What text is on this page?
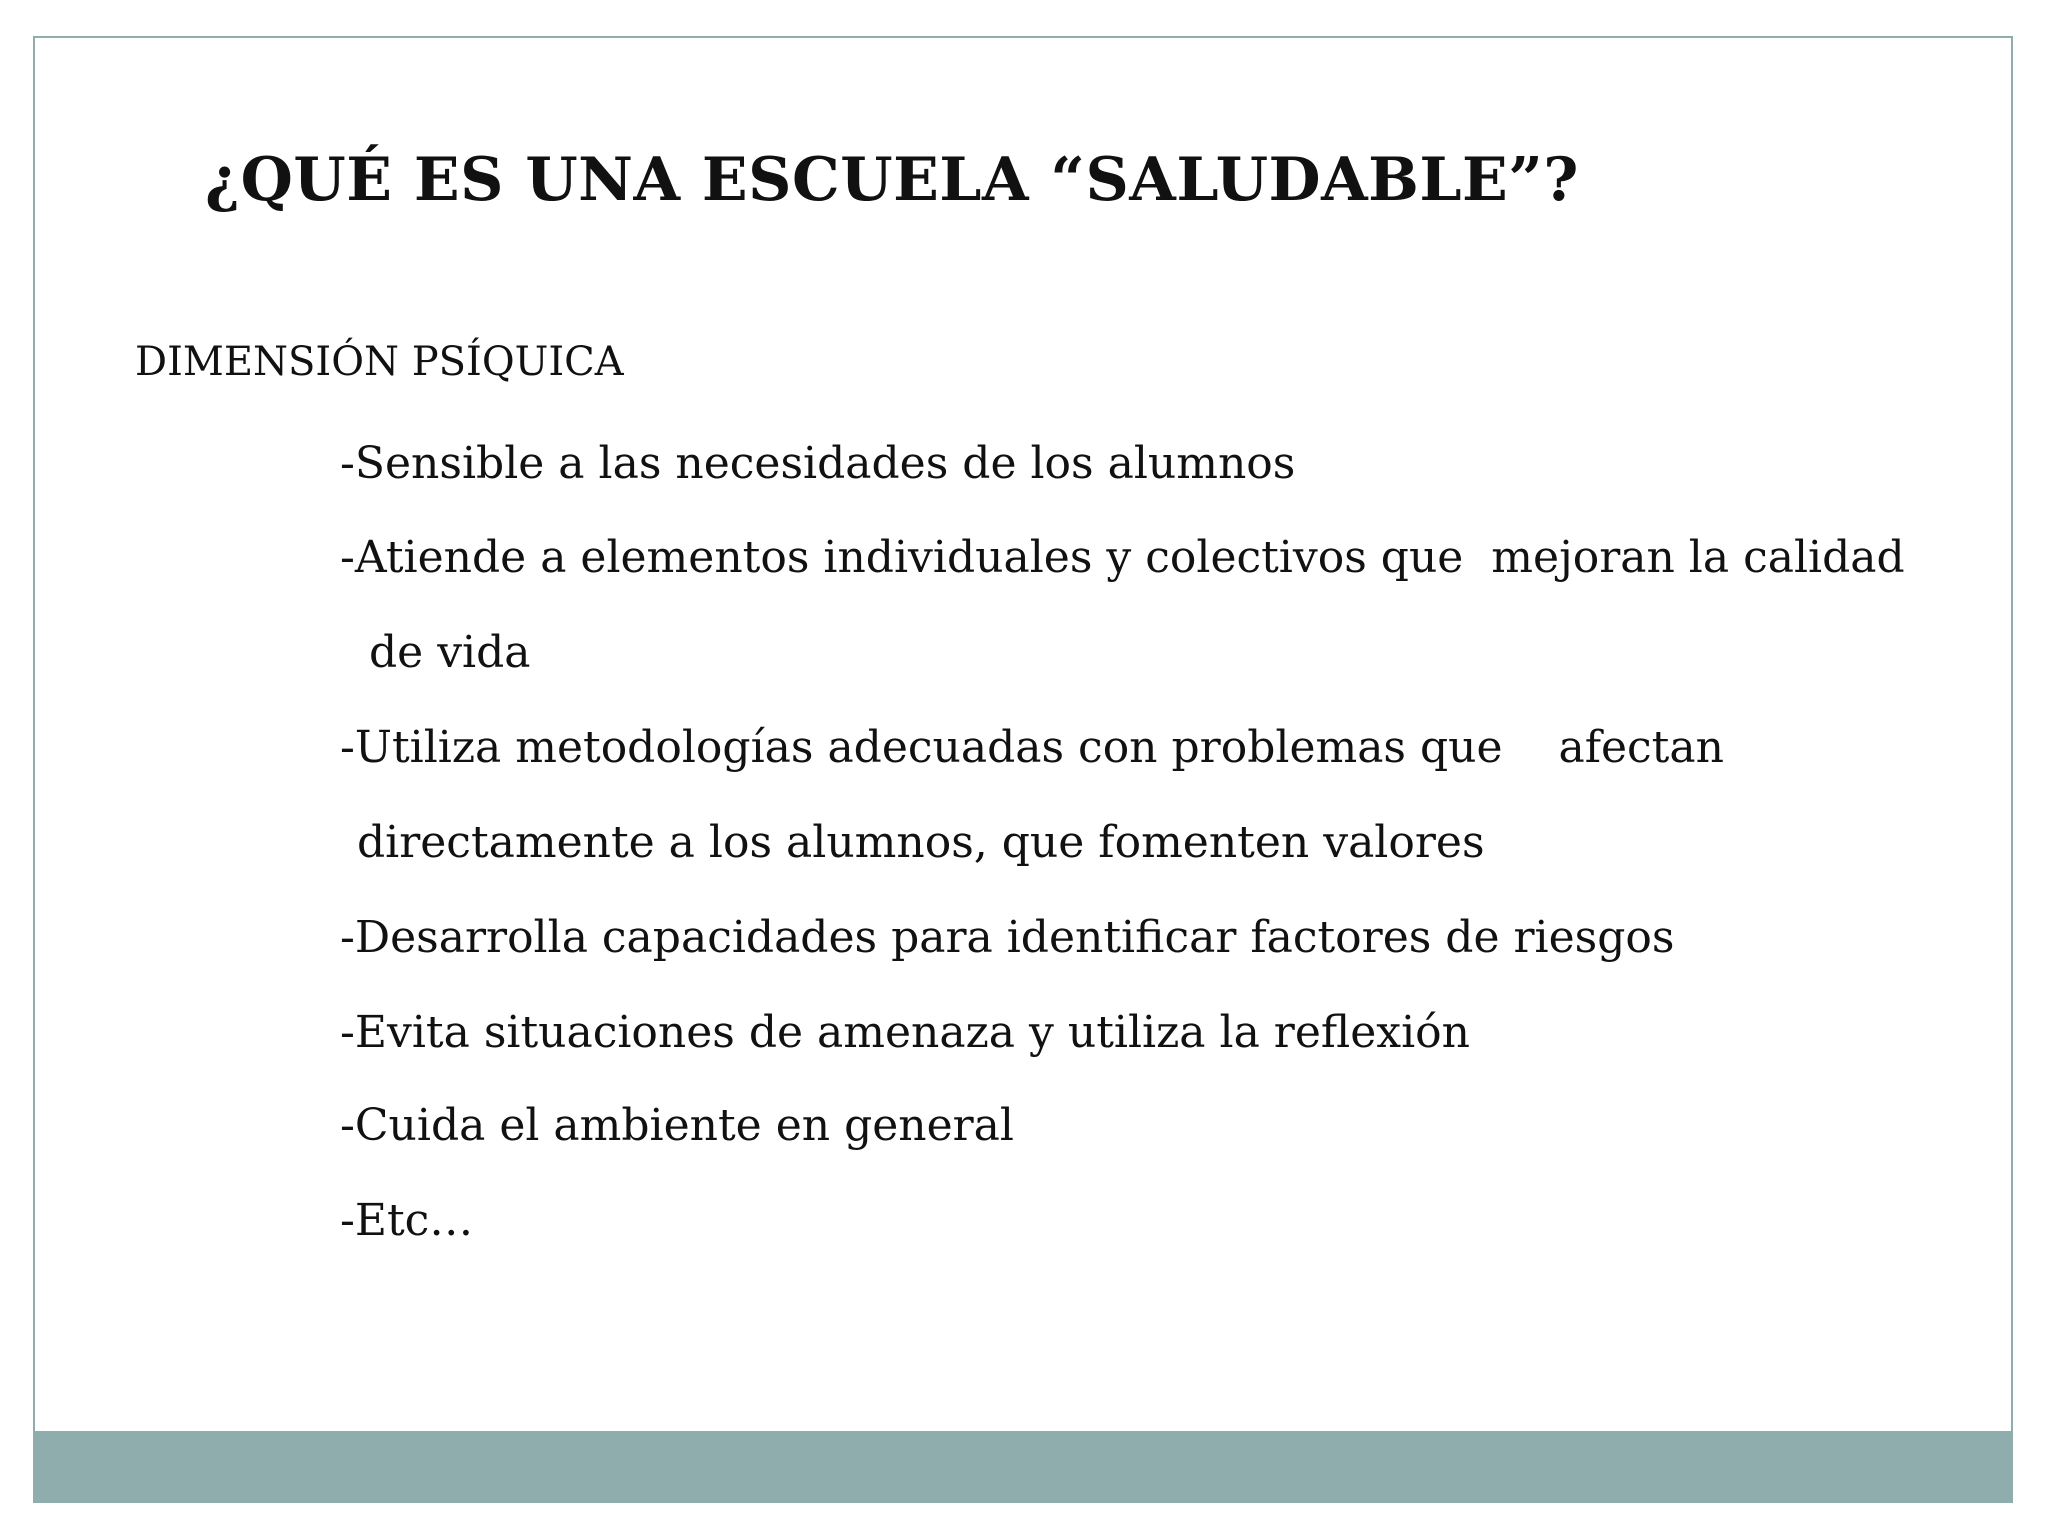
¿QUÉ ES UNA ESCUELA “SALUDABLE”?
DIMENSIÓN PSÍQUICA
-Sensible a las necesidades de los alumnos
-Atiende a elementos individuales y colectivos que  mejoran la calidad
de vida
-Utiliza metodologías adecuadas con problemas que    afectan
directamente a los alumnos, que fomenten valores
-Desarrolla capacidades para identificar factores de riesgos
-Evita situaciones de amenaza y utiliza la reflexión
-Cuida el ambiente en general
-Etc…
